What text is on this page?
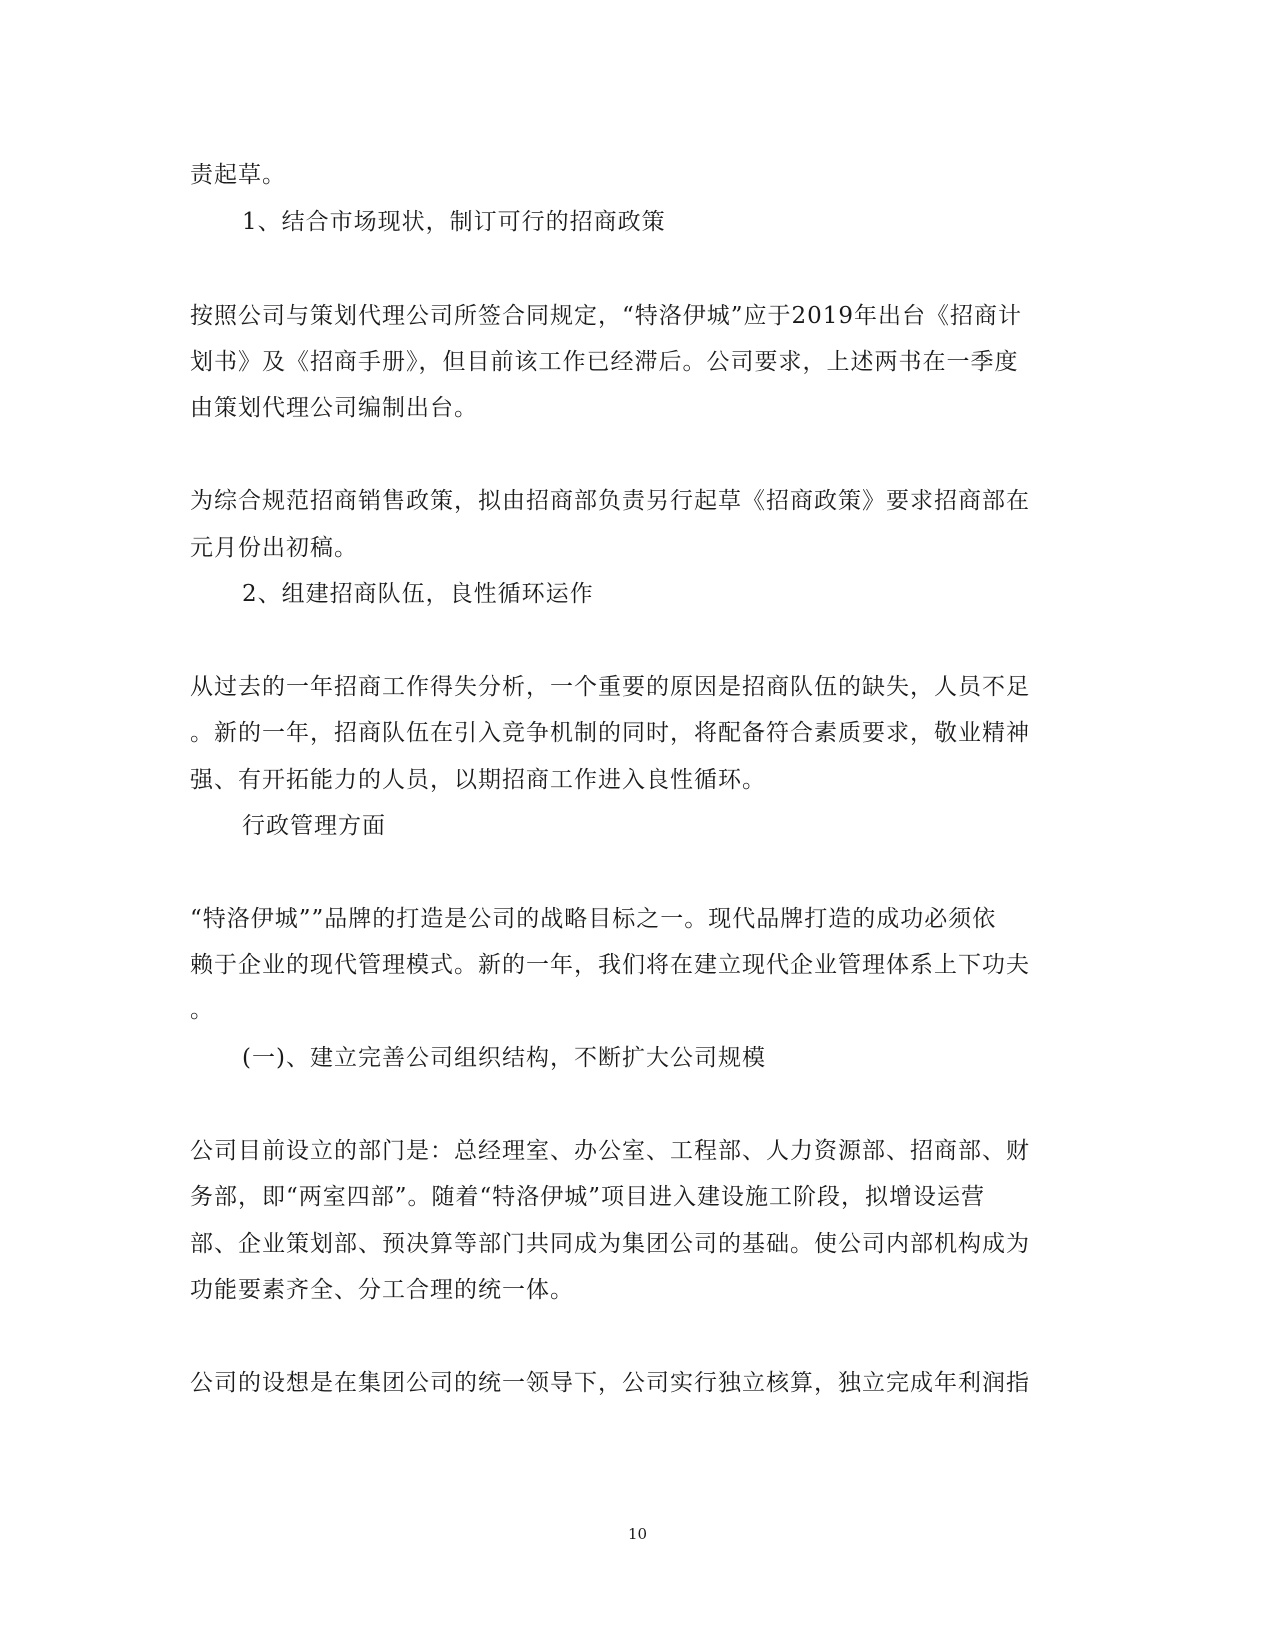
责起草。
1、结合市场现状，制订可行的招商政策
按照公司与策划代理公司所签合同规定，“特洛伊城”应于2019年出台《招商计
划书》及《招商手册》，但目前该工作已经滞后。公司要求，上述两书在一季度
由策划代理公司编制出台。
为综合规范招商销售政策，拟由招商部负责另行起草《招商政策》要求招商部在
元月份出初稿。
2、组建招商队伍，良性循环运作
从过去的一年招商工作得失分析，一个重要的原因是招商队伍的缺失，人员不足
。新的一年，招商队伍在引入竞争机制的同时，将配备符合素质要求，敬业精神
强、有开拓能力的人员，以期招商工作进入良性循环。
行政管理方面
“特洛伊城””品牌的打造是公司的战略目标之一。现代品牌打造的成功必须依
赖于企业的现代管理模式。新的一年，我们将在建立现代企业管理体系上下功夫
。
(一)、建立完善公司组织结构，不断扩大公司规模
公司目前设立的部门是：总经理室、办公室、工程部、人力资源部、招商部、财
务部，即“两室四部”。随着“特洛伊城”项目进入建设施工阶段，拟增设运营
部、企业策划部、预决算等部门共同成为集团公司的基础。使公司内部机构成为
功能要素齐全、分工合理的统一体。
公司的设想是在集团公司的统一领导下，公司实行独立核算，独立完成年利润指
10
